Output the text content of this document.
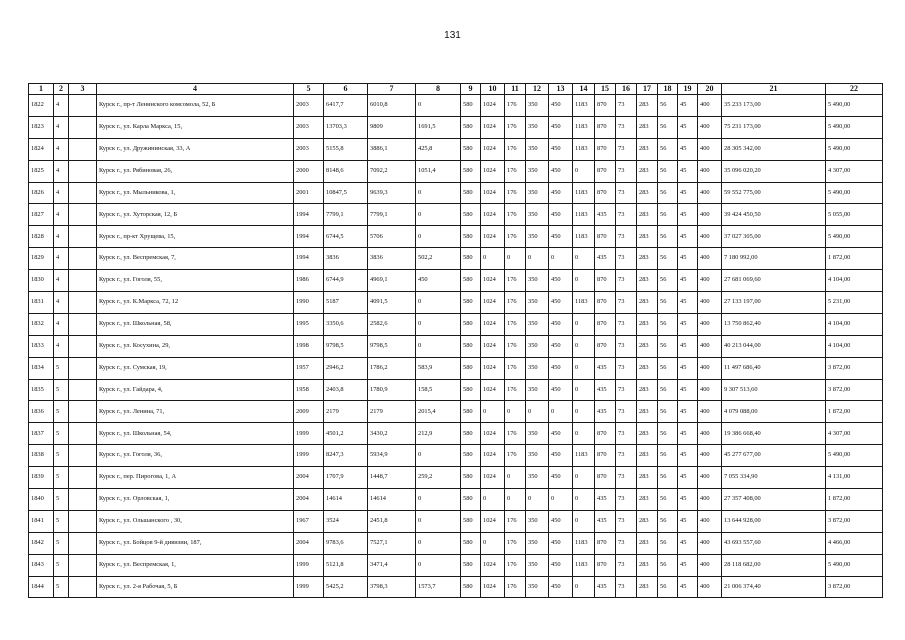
131
1	2	3	4	5	6	7	8	9	10	11	12	13	14	15	16	17	18	19	20	21	22
1822	4		Курск г., пр-т Ленинского комсомола, 52, Б	2003	6417,7	6010,8	0	580	1024	176	350	450	1183	870	73	283	56	45	400	35 233 173,00	5 490,00
1823	4		Курск г., ул. Карла Маркса, 15,	2003	13703,3	9809	1691,5	580	1024	176	350	450	1183	870	73	283	56	45	400	75 231 173,00	5 490,00
1824	4		Курск г., ул. Дружининская, 33, А	2003	5155,8	3886,1	425,8	580	1024	176	350	450	1183	870	73	283	56	45	400	28 305 342,00	5 490,00
1825	4		Курск г., ул. Рябиновая, 26,	2000	8148,6	7092,2	1051,4	580	1024	176	350	450	0	870	73	283	56	45	400	35 096 020,20	4 307,00
1826	4		Курск г., ул. Мыльникова, 1,	2001	10847,5	9639,3	0	580	1024	176	350	450	1183	870	73	283	56	45	400	59 552 775,00	5 490,00
1827	4		Курск г., ул. Хуторская, 12, Б	1994	7799,1	7799,1	0	580	1024	176	350	450	1183	435	73	283	56	45	400	39 424 450,50	5 055,00
1828	4		Курск г., пр-кт Хрущева, 15,	1994	6744,5	5706	0	580	1024	176	350	450	1183	870	73	283	56	45	400	37 027 305,00	5 490,00
1829	4		Курск г., ул. Веспремская, 7,	1994	3836	3836	502,2	580	0	0	0	0	0	435	73	283	56	45	400	7 180 992,00	1 872,00
1830	4		Курск г., ул. Гоголя, 55,	1986	6744,9	4969,1	450	580	1024	176	350	450	0	870	73	283	56	45	400	27 681 069,60	4 104,00
1831	4		Курск г., ул. К.Маркса, 72, 12	1990	5187	4091,5	0	580	1024	176	350	450	1183	870	73	283	56	45	400	27 133 197,00	5 231,00
1832	4		Курск г., ул. Школьная, 58,	1995	3350,6	2582,6	0	580	1024	176	350	450	0	870	73	283	56	45	400	13 750 862,40	4 104,00
1833	4		Курск г., ул. Косухина, 29,	1998	9798,5	9798,5	0	580	1024	176	350	450	0	870	73	283	56	45	400	40 213 044,00	4 104,00
1834	5		Курск г., ул. Сумская, 19,	1957	2946,2	1786,2	583,9	580	1024	176	350	450	0	435	73	283	56	45	400	11 497 686,40	3 872,00
1835	5		Курск г., ул. Гайдара, 4,	1958	2403,8	1780,9	158,5	580	1024	176	350	450	0	435	73	283	56	45	400	9 307 513,60	3 872,00
1836	5		Курск г., ул. Ленина, 71,	2009	2179	2179	2015,4	580	0	0	0	0	0	435	73	283	56	45	400	4 079 088,00	1 872,00
1837	5		Курск г., ул. Школьная, 54,	1999	4501,2	3430,2	212,9	580	1024	176	350	450	0	870	73	283	56	45	400	19 386 668,40	4 307,00
1838	5		Курск г., ул. Гоголя, 36,	1999	8247,3	5934,9	0	580	1024	176	350	450	1183	870	73	283	56	45	400	45 277 677,00	5 490,00
1839	5		Курск г., пер. Пирогова, 1, А	2004	1707,9	1448,7	259,2	580	1024	0	350	450	0	870	73	283	56	45	400	7 055 334,90	4 131,00
1840	5		Курск г., ул. Орловская, 1,	2004	14614	14614	0	580	0	0	0	0	0	435	73	283	56	45	400	27 357 408,00	1 872,00
1841	5		Курск г., ул. Ольшанского , 30,	1967	3524	2451,8	0	580	1024	176	350	450	0	435	73	283	56	45	400	13 644 928,00	3 872,00
1842	5		Курск г., ул. Бойцов 9-й дивизии, 187,	2004	9783,6	7527,1	0	580	0	176	350	450	1183	870	73	283	56	45	400	43 693 557,60	4 466,00
1843	5		Курск г., ул. Веспремская, 1,	1999	5121,8	3471,4	0	580	1024	176	350	450	1183	870	73	283	56	45	400	28 118 682,00	5 490,00
1844	5		Курск г., ул. 2-я Рабочая, 5, Б	1999	5425,2	3798,3	1573,7	580	1024	176	350	450	0	435	73	283	56	45	400	21 006 374,40	3 872,00
